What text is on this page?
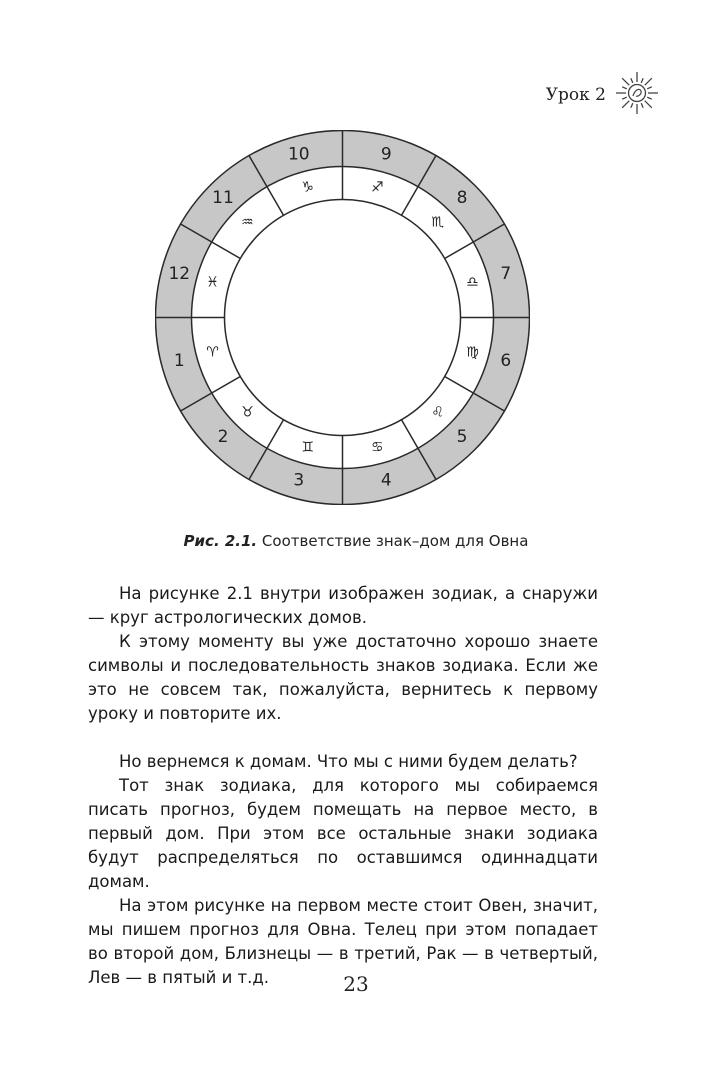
Урок 2
1 ♈
2
♉
3
♊
4
♋
5
♌
6
♍
7
♎
8
♏
9
♐
10
♑
11
♒
12 ♓
Рис. 2.1. Соответствие знак–дом для Овна

На рисунке 2.1 внутри изображен зодиак, а снаружи — круг астрологических домов.

К этому моменту вы уже достаточно хорошо знаете символы и последовательность знаков зодиака. Если же это не совсем так, пожалуйста, вернитесь к первому уроку и повторите их.

Но вернемся к домам. Что мы с ними будем делать?

Тот знак зодиака, для которого мы собираемся писать прогноз, будем помещать на первое место, в первый дом. При этом все остальные знаки зодиака будут распределяться по оставшимся одиннадцати домам.

На этом рисунке на первом месте стоит Овен, значит, мы пишем прогноз для Овна. Телец при этом попадает во второй дом, Близнецы — в третий, Рак — в четвертый, Лев — в пятый и т.д.	23
